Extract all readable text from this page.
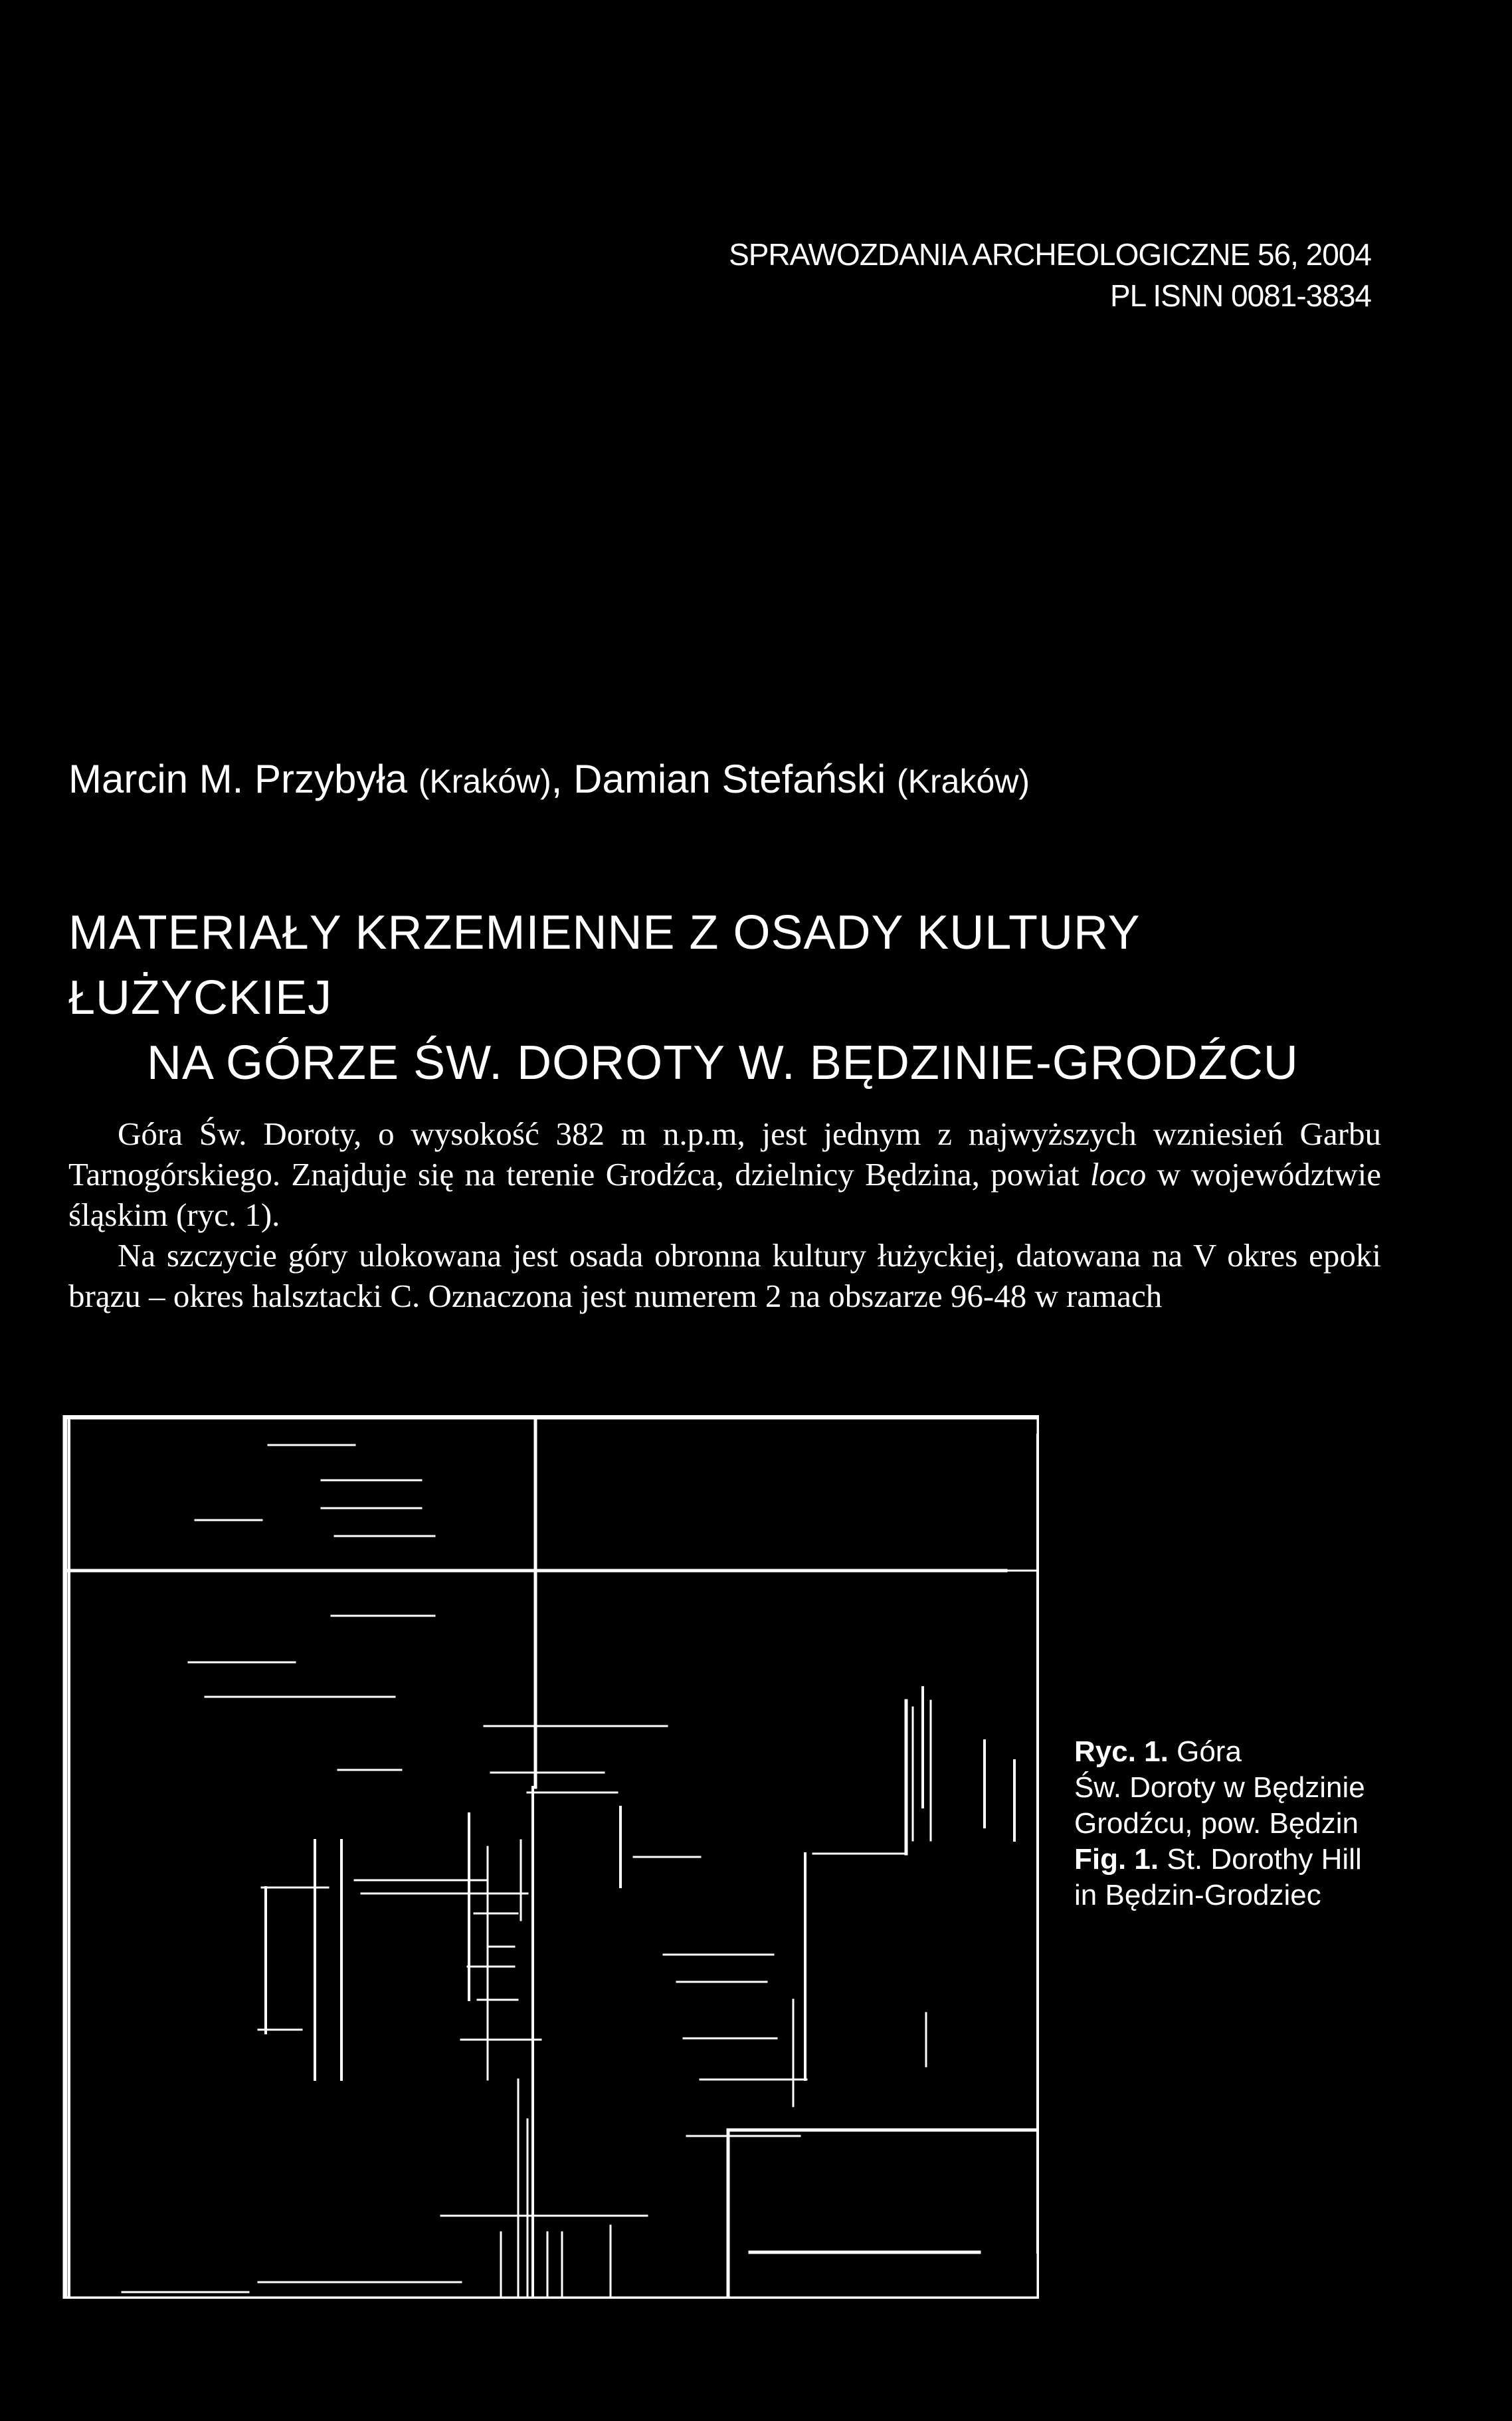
SPRAWOZDANIA ARCHEOLOGICZNE 56, 2004
PL ISNN 0081-3834
Marcin M. Przybyła (Kraków), Damian Stefański (Kraków)
MATERIAŁY KRZEMIENNE Z OSADY KULTURY ŁUŻYCKIEJ
NA GÓRZE ŚW. DOROTY W. BĘDZINIE-GRODŹCU

Góra Św. Doroty, o wysokość 382 m n.p.m, jest jednym z najwyższych wzniesień Garbu Tarnogórskiego. Znajduje się na terenie Grodźca, dzielnicy Będzina, powiat loco w województwie śląskim (ryc. 1).

Na szczycie góry ulokowana jest osada obronna kultury łużyckiej, datowana na V okres epoki brązu – okres halsztacki C. Oznaczona jest numerem 2 na obszarze 96-48 w ramach

Ryc. 1. Góra
Św. Doroty w Będzinie
Grodźcu, pow. Będzin
Fig. 1. St. Dorothy Hill
in Będzin-Grodziec
